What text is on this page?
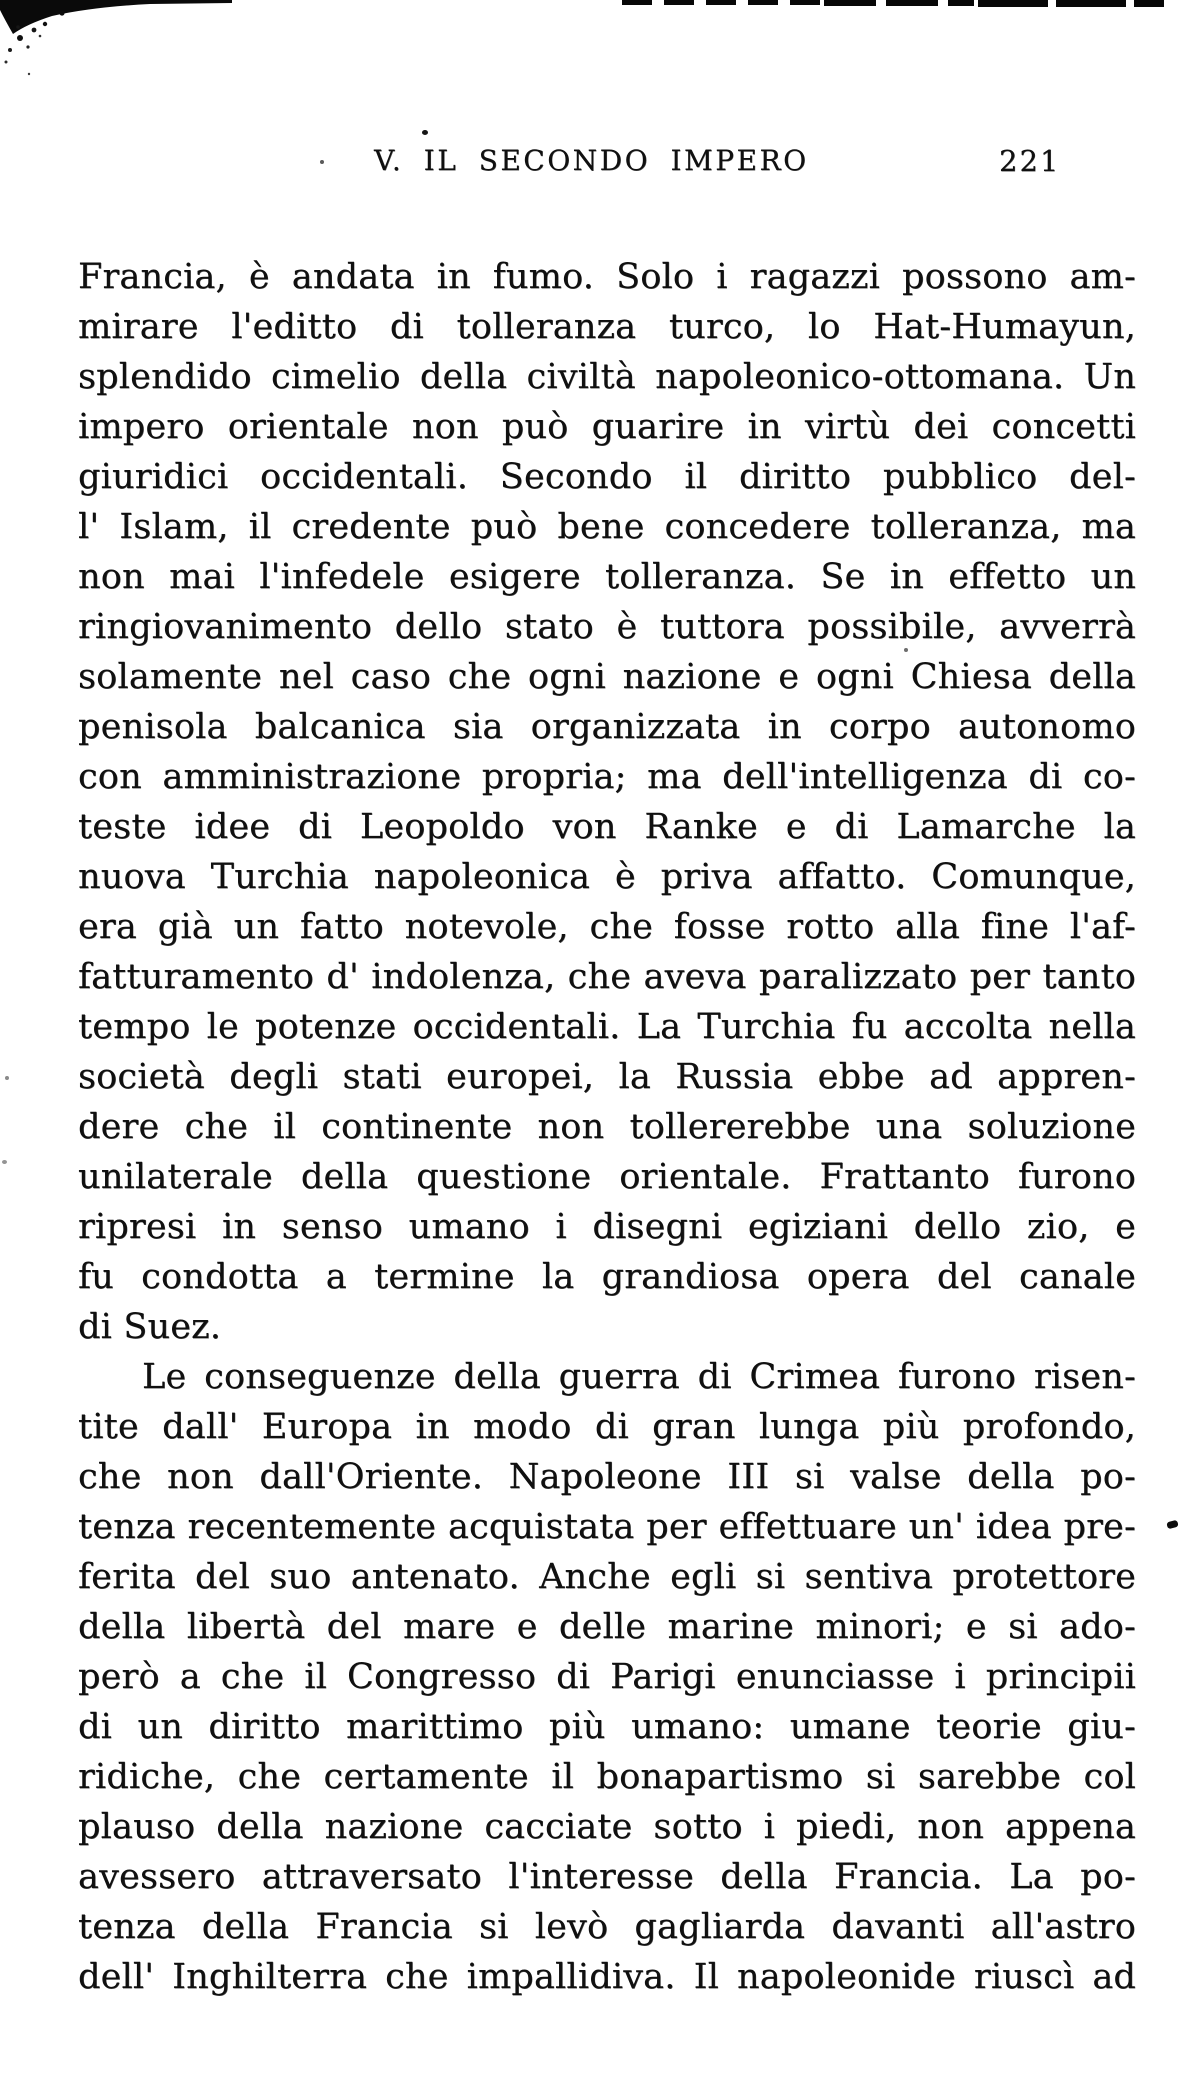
V. IL SECONDO IMPERO	221
Francia, è andata in fumo. Solo i ragazzi possono am-
mirare l'editto di tolleranza turco, lo Hat-Humayun,
splendido cimelio della civiltà napoleonico-ottomana. Un
impero orientale non può guarire in virtù dei concetti
giuridici occidentali. Secondo il diritto pubblico del-
l' Islam, il credente può bene concedere tolleranza, ma
non mai l'infedele esigere tolleranza. Se in effetto un
ringiovanimento dello stato è tuttora possibile, avverrà
solamente nel caso che ogni nazione e ogni Chiesa della
penisola balcanica sia organizzata in corpo autonomo
con amministrazione propria; ma dell'intelligenza di co-
teste idee di Leopoldo von Ranke e di Lamarche la
nuova Turchia napoleonica è priva affatto. Comunque,
era già un fatto notevole, che fosse rotto alla fine l'af-
fatturamento d' indolenza, che aveva paralizzato per tanto
tempo le potenze occidentali. La Turchia fu accolta nella
società degli stati europei, la Russia ebbe ad appren-
dere che il continente non tollererebbe una soluzione
unilaterale della questione orientale. Frattanto furono
ripresi in senso umano i disegni egiziani dello zio, e
fu condotta a termine la grandiosa opera del canale
di Suez.
Le conseguenze della guerra di Crimea furono risen-
tite dall' Europa in modo di gran lunga più profondo,
che non dall'Oriente. Napoleone III si valse della po-
tenza recentemente acquistata per effettuare un' idea pre-
ferita del suo antenato. Anche egli si sentiva protettore
della libertà del mare e delle marine minori; e si ado-
però a che il Congresso di Parigi enunciasse i principii
di un diritto marittimo più umano: umane teorie giu-
ridiche, che certamente il bonapartismo si sarebbe col
plauso della nazione cacciate sotto i piedi, non appena
avessero attraversato l'interesse della Francia. La po-
tenza della Francia si levò gagliarda davanti all'astro
dell' Inghilterra che impallidiva. Il napoleonide riuscì ad
